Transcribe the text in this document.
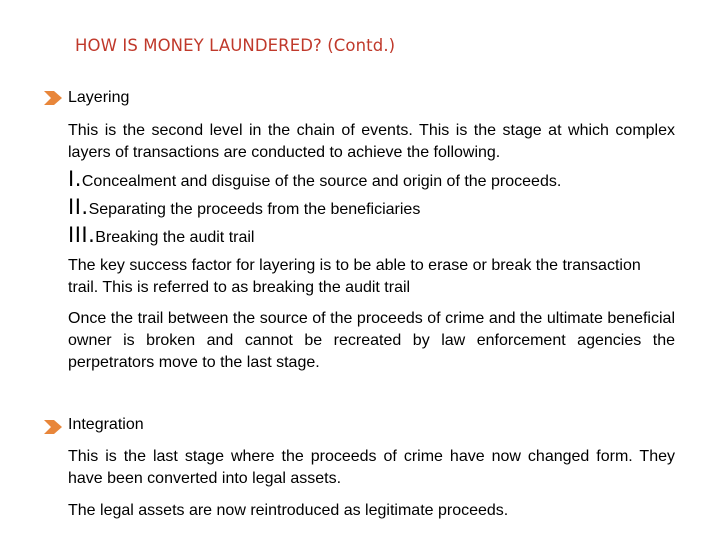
HOW IS MONEY LAUNDERED? (Contd.)
Layering
This is the second level in the chain of events. This is the stage at which complex layers of transactions are conducted to achieve the following.
I.Concealment and disguise of the source and origin of the proceeds.
II.Separating the proceeds from the beneficiaries
III.Breaking the audit trail
The key success factor for layering is to be able to erase or break the transaction trail. This is referred to as breaking the audit trail
Once the trail between the source of the proceeds of crime and the ultimate beneficial owner is broken and cannot be recreated by law enforcement agencies the perpetrators move to the last stage.
Integration
This is the last stage where the proceeds of crime have now changed form. They have been converted into legal assets.
The legal assets are now reintroduced as legitimate proceeds.
